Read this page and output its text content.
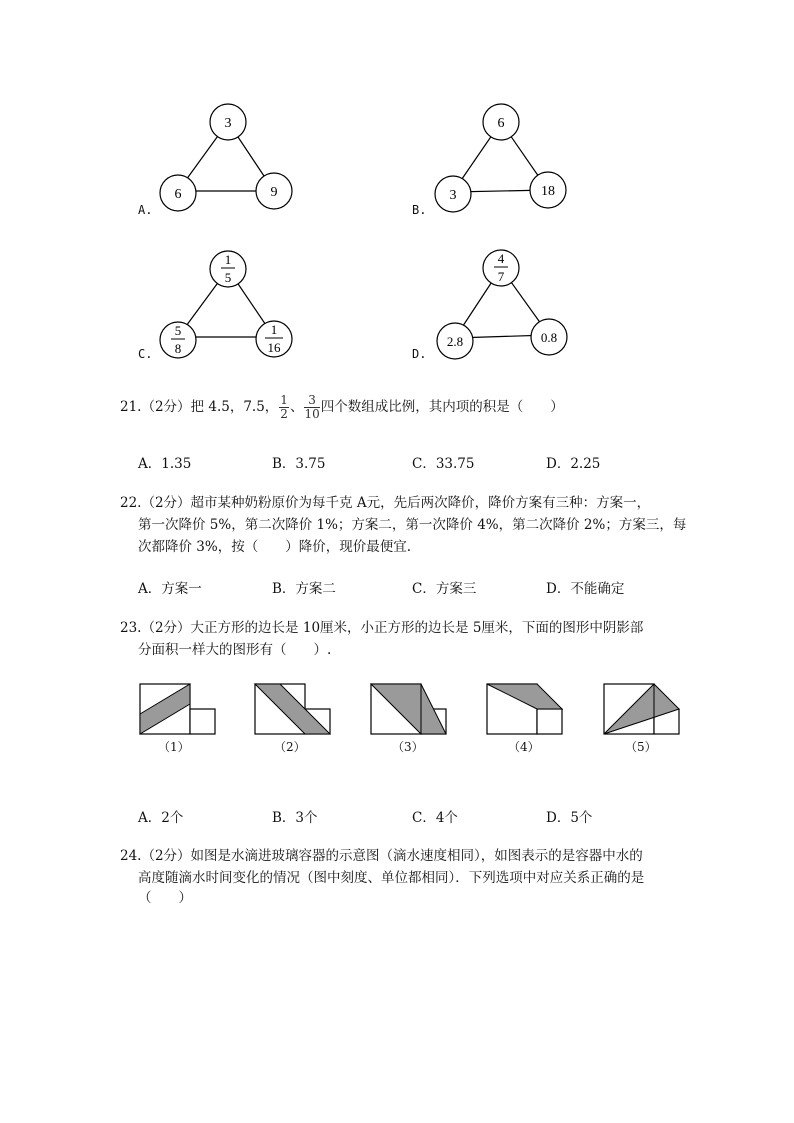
3
6	9
A.
6
3	18
B.
1
5
5
8
1
16
C.
4
7
2.8	0.8
D.
21.（2分）把 4.5，7.5， $\frac{1}{2}$ 、 $\frac{3}{10}$ 四个数组成比例，其内项的积是（　　）
A．1.35	B．3.75	C．33.75	D．2.25
22.（2分）超市某种奶粉原价为每千克 A元，先后两次降价，降价方案有三种：方案一，
第一次降价 5%，第二次降价 1%；方案二，第一次降价 4%，第二次降价 2%；方案三，每
次都降价 3%，按（　　）降价，现价最便宜.
A．方案一	B．方案二	C．方案三	D．不能确定
23.（2分）大正方形的边长是 10厘米，小正方形的边长是 5厘米，下面的图形中阴影部
分面积一样大的图形有（　　）.
（1）	（2）	（3）	（4）	（5）
A．2个	B．3个	C．4个	D．5个
24.（2分）如图是水滴进玻璃容器的示意图（滴水速度相同），如图表示的是容器中水的
高度随滴水时间变化的情况（图中刻度、单位都相同）．下列选项中对应关系正确的是
（　　）
